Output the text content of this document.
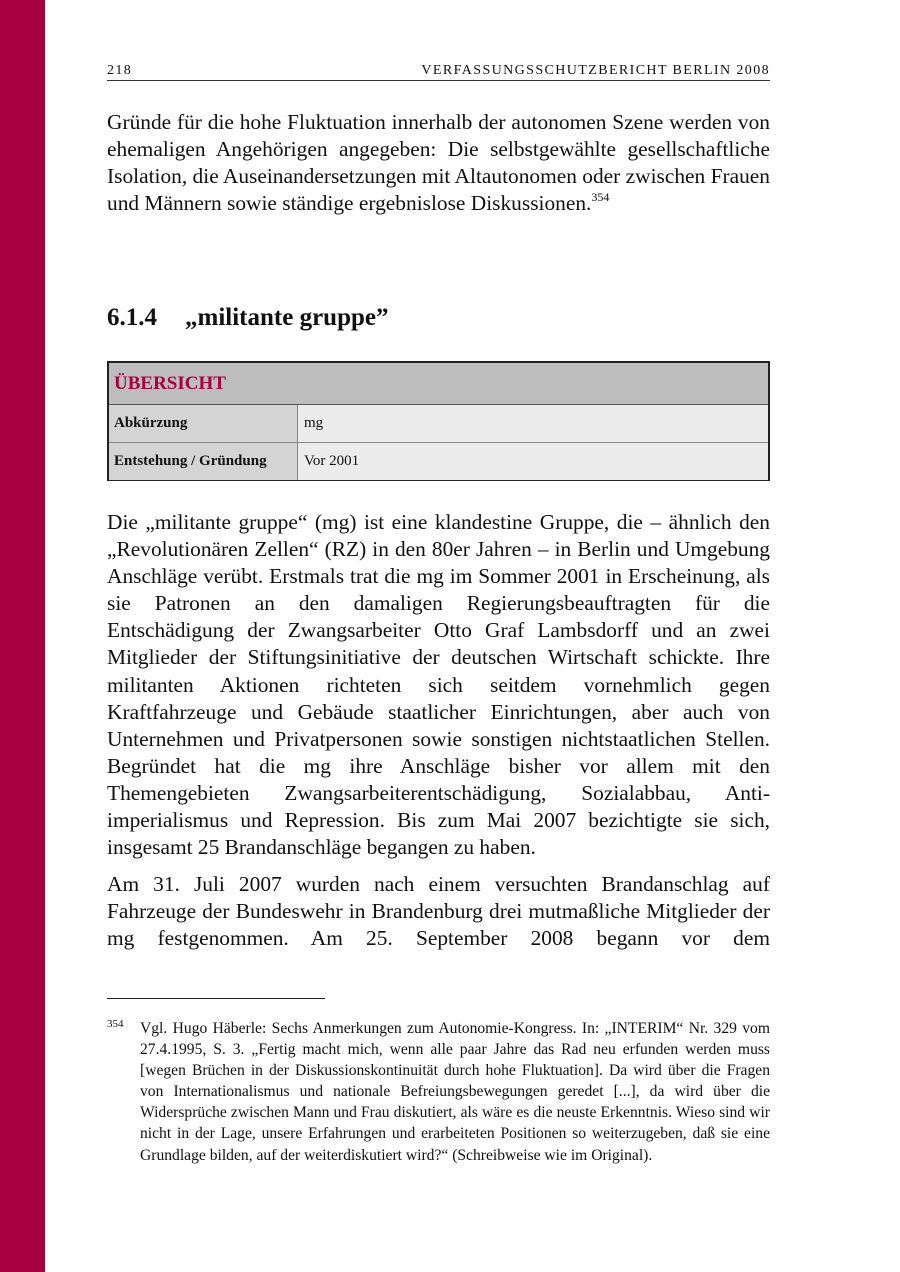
218	VERFASSUNGSSCHUTZBERICHT BERLIN 2008

Gründe für die hohe Fluktuation innerhalb der autonomen Szene werden von ehemaligen Angehörigen angegeben: Die selbstgewählte gesellschaftliche Isolation, die Auseinandersetzungen mit Altautonomen oder zwischen Frauen und Männern sowie ständige ergebnislose Diskussionen.$^{354}$

6.1.4 „militante gruppe”
ÜBERSICHT
Abkürzung	mg
Entstehung / Gründung	Vor 2001

Die „militante gruppe“ (mg) ist eine klandestine Gruppe, die – ähnlich den „Revolutionären Zellen“ (RZ) in den 80er Jahren – in Berlin und Umgebung Anschläge verübt. Erstmals trat die mg im Sommer 2001 in Erscheinung, als sie Patronen an den damaligen Regierungsbeauftragten für die Entschädigung der Zwangsarbeiter Otto Graf Lambsdorff und an zwei Mitglieder der Stiftungsinitiative der deutschen Wirtschaft schickte. Ihre militanten Aktionen richteten sich seitdem vornehmlich gegen Kraftfahrzeuge und Gebäude staatlicher Einrichtungen, aber auch von Unternehmen und Privatpersonen sowie sonstigen nichtstaatlichen Stellen. Begründet hat die mg ihre Anschläge bisher vor allem mit den Themengebieten Zwangsarbeiterentschädigung, Sozialabbau, Antiimperialismus und Repression. Bis zum Mai 2007 bezichtigte sie sich, insgesamt 25 Brandanschläge begangen zu haben.

Am 31. Juli 2007 wurden nach einem versuchten Brandanschlag auf Fahrzeuge der Bundeswehr in Brandenburg drei mutmaßliche Mitglieder der mg festgenommen. Am 25. September 2008 begann vor dem

354 Vgl. Hugo Häberle: Sechs Anmerkungen zum Autonomie-Kongress. In: „INTERIM“ Nr. 329 vom 27.4.1995, S. 3. „Fertig macht mich, wenn alle paar Jahre das Rad neu erfunden werden muss [wegen Brüchen in der Diskussionskontinuität durch hohe Fluktuation]. Da wird über die Fragen von Internationalismus und nationale Befreiungsbewegungen geredet [...], da wird über die Widersprüche zwischen Mann und Frau diskutiert, als wäre es die neuste Erkenntnis. Wieso sind wir nicht in der Lage, unsere Erfahrungen und erarbeiteten Positionen so weiterzugeben, daß sie eine Grundlage bilden, auf der weiterdiskutiert wird?“ (Schreibweise wie im Original).
